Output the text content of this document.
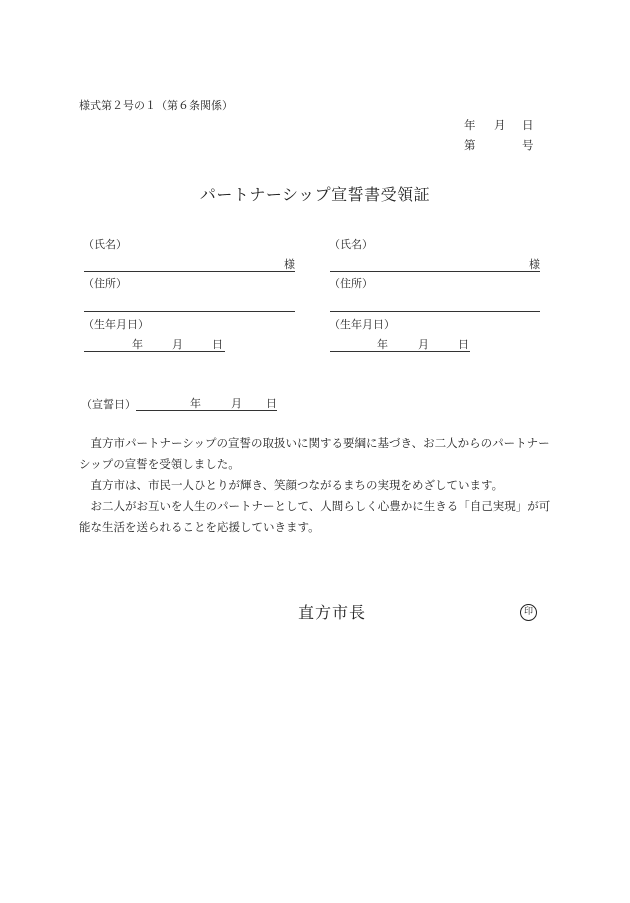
様式第２号の１（第６条関係）
年 月 日
第	号
パートナーシップ宣誓書受領証
（氏名）
様
（住所）
（生年月日）
年	月	日
（氏名）
様
（住所）
（生年月日）
年	月	日
（宣誓日）	年	月 日

直方市パートナーシップの宣誓の取扱いに関する要綱に基づき、お二人からのパートナーシップの宣誓を受領しました。

直方市は、市民一人ひとりが輝き、笑顔つながるまちの実現をめざしています。

お二人がお互いを人生のパートナーとして、人間らしく心豊かに生きる「自己実現」が可能な生活を送られることを応援していきます。

直方市長	印
